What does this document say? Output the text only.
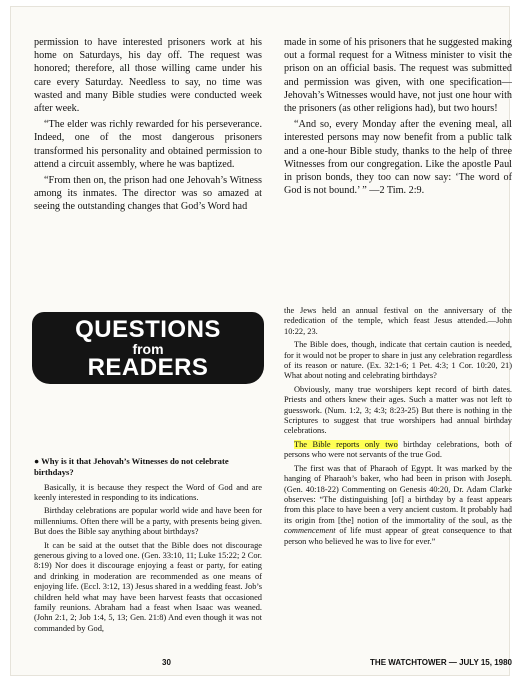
permission to have interested prisoners work at his home on Saturdays, his day off. The request was honored; therefore, all those willing came under his care every Saturday. Needless to say, no time was wasted and many Bible studies were conducted week after week.

“The elder was richly rewarded for his perseverance. Indeed, one of the most dangerous prisoners transformed his personality and obtained permission to attend a circuit assembly, where he was baptized.

“From then on, the prison had one Jehovah’s Witness among its inmates. The director was so amazed at seeing the outstanding changes that God’s Word had

made in some of his prisoners that he suggested making out a formal request for a Witness minister to visit the prison on an official basis. The request was submitted and permission was given, with one specification—Jehovah’s Witnesses would have, not just one hour with the prisoners (as other religions had), but two hours!

“And so, every Monday after the evening meal, all interested persons may now benefit from a public talk and a one-hour Bible study, thanks to the help of three Witnesses from our congregation. Like the apostle Paul in prison bonds, they too can now say: ‘The word of God is not bound.’ ” —2 Tim. 2:9.

QUESTIONS
from
READERS

● Why is it that Jehovah’s Witnesses do not celebrate birthdays?

Basically, it is because they respect the Word of God and are keenly interested in responding to its indications.

Birthday celebrations are popular world wide and have been for millenniums. Often there will be a party, with presents being given. But does the Bible say anything about birthdays?

It can be said at the outset that the Bible does not discourage generous giving to a loved one. (Gen. 33:10, 11; Luke 15:22; 2 Cor. 8:19) Nor does it discourage enjoying a feast or party, for eating and drinking in moderation are recommended as one means of enjoying life. (Eccl. 3:12, 13) Jesus shared in a wedding feast. Job’s children held what may have been harvest feasts that occasioned family reunions. Abraham had a feast when Isaac was weaned. (John 2:1, 2; Job 1:4, 5, 13; Gen. 21:8) And even though it was not commanded by God,

the Jews held an annual festival on the anniversary of the rededication of the temple, which feast Jesus attended.—John 10:22, 23.

The Bible does, though, indicate that certain caution is needed, for it would not be proper to share in just any celebration regardless of its reason or nature. (Ex. 32:1-6; 1 Pet. 4:3; 1 Cor. 10:20, 21) What about noting and celebrating birthdays?

Obviously, many true worshipers kept record of birth dates. Priests and others knew their ages. Such a matter was not left to guesswork. (Num. 1:2, 3; 4:3; 8:23-25) But there is nothing in the Scriptures to suggest that true worshipers had annual birthday celebrations.

The Bible reports only two birthday celebrations, both of persons who were not servants of the true God.

The first was that of Pharaoh of Egypt. It was marked by the hanging of Pharaoh’s baker, who had been in prison with Joseph. (Gen. 40:18-22) Commenting on Genesis 40:20, Dr. Adam Clarke observes: “The distinguishing [of] a birthday by a feast appears from this place to have been a very ancient custom. It probably had its origin from [the] notion of the immortality of the soul, as the commencement of life must appear of great consequence to that person who believed he was to live for ever.”

30	THE WATCHTOWER — JULY 15, 1980
